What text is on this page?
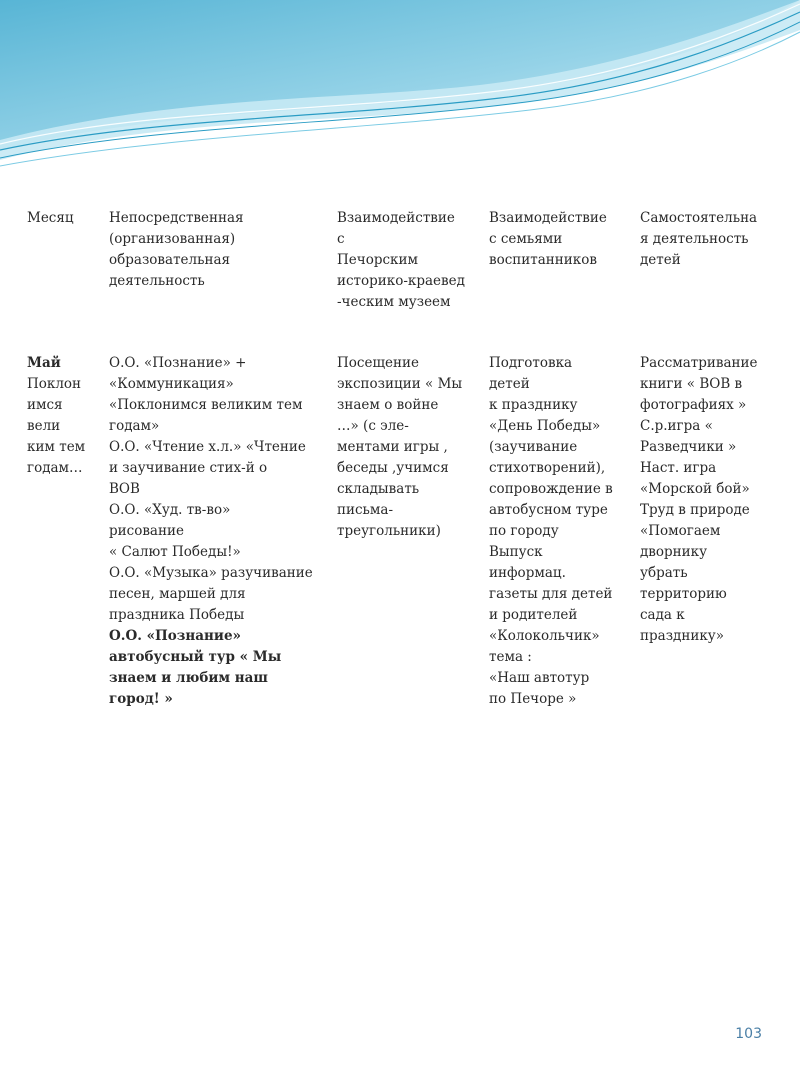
Месяц	Непосредственная
(организованная)
образовательная
деятельность
Взаимодействие
с
Печорским
историко-краевед
-ческим музеем
Взаимодействие
с семьями
воспитанников
Самостоятельна
я деятельность
детей
Май
Поклон
имся
вели
ким тем
годам…
О.О. «Познание» +
«Коммуникация»
«Поклонимся великим тем
годам»
О.О. «Чтение х.л.» «Чтение
и заучивание стих-й о
ВОВ
О.О. «Худ. тв-во»
рисование
« Салют Победы!»
О.О. «Музыка» разучивание
песен, маршей для
праздника Победы
О.О. «Познание»
автобусный тур « Мы
знаем и любим наш
город! »
Посещение
экспозиции « Мы
знаем о войне
…» (с эле-
ментами игры ,
беседы ,учимся
складывать
письма-
треугольники)
Подготовка
детей
к празднику
«День Победы»
(заучивание
стихотворений),
сопровождение в
автобусном туре
по городу
Выпуск
информац.
газеты для детей
и родителей
«Колокольчик»
тема :
«Наш автотур
по Печоре »
Рассматривание
книги « ВОВ в
фотографиях »
С.р.игра «
Разведчики »
Наст. игра
«Морской бой»
Труд в природе
«Помогаем
дворнику
убрать
территорию
сада к
празднику»
103
